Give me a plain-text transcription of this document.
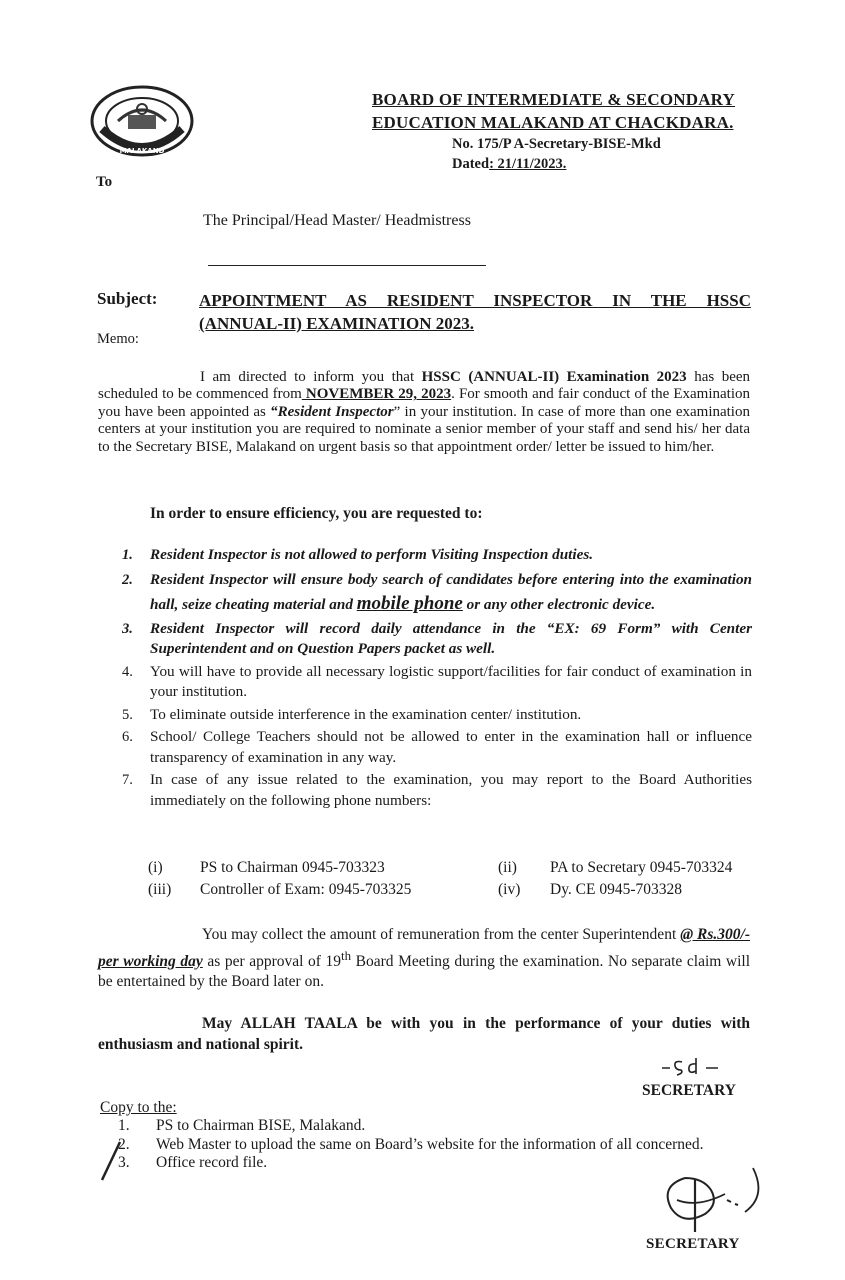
MALAKAND
BOARD OF INTERMEDIATE & SECONDARY
EDUCATION MALAKAND AT CHACKDARA.
No. 175/P A-Secretary-BISE-Mkd
Dated: 21/11/2023.
To
The Principal/Head Master/ Headmistress
Subject: APPOINTMENT AS RESIDENT INSPECTOR IN THE HSSC
(ANNUAL-II) EXAMINATION 2023.
Memo:
I am directed to inform you that HSSC (ANNUAL-II) Examination 2023 has been scheduled to be commenced from NOVEMBER 29, 2023. For smooth and fair conduct of the Examination you have been appointed as “Resident Inspector” in your institution. In case of more than one examination centers at your institution you are required to nominate a senior member of your staff and send his/ her data to the Secretary BISE, Malakand on urgent basis so that appointment order/ letter be issued to him/her.
In order to ensure efficiency, you are requested to:
1. Resident Inspector is not allowed to perform Visiting Inspection duties.
2. Resident Inspector will ensure body search of candidates before entering into the examination hall, seize cheating material and mobile phone or any other electronic device.
3. Resident Inspector will record daily attendance in the “EX: 69 Form” with Center Superintendent and on Question Papers packet as well.
4. You will have to provide all necessary logistic support/facilities for fair conduct of examination in your institution.
5. To eliminate outside interference in the examination center/ institution.
6. School/ College Teachers should not be allowed to enter in the examination hall or influence transparency of examination in any way.
7. In case of any issue related to the examination, you may report to the Board Authorities immediately on the following phone numbers:
(i) PS to Chairman 0945-703323	(ii) PA to Secretary 0945-703324
(iii) Controller of Exam: 0945-703325	(iv) Dy. CE 0945-703328
You may collect the amount of remuneration from the center Superintendent @ Rs.300/- per working day as per approval of 19th Board Meeting during the examination. No separate claim will be entertained by the Board later on.
May ALLAH TAALA be with you in the performance of your duties with enthusiasm and national spirit.
SECRETARY
Copy to the:
1. PS to Chairman BISE, Malakand.
2. Web Master to upload the same on Board’s website for the information of all concerned.
3. Office record file.
SECRETARY
